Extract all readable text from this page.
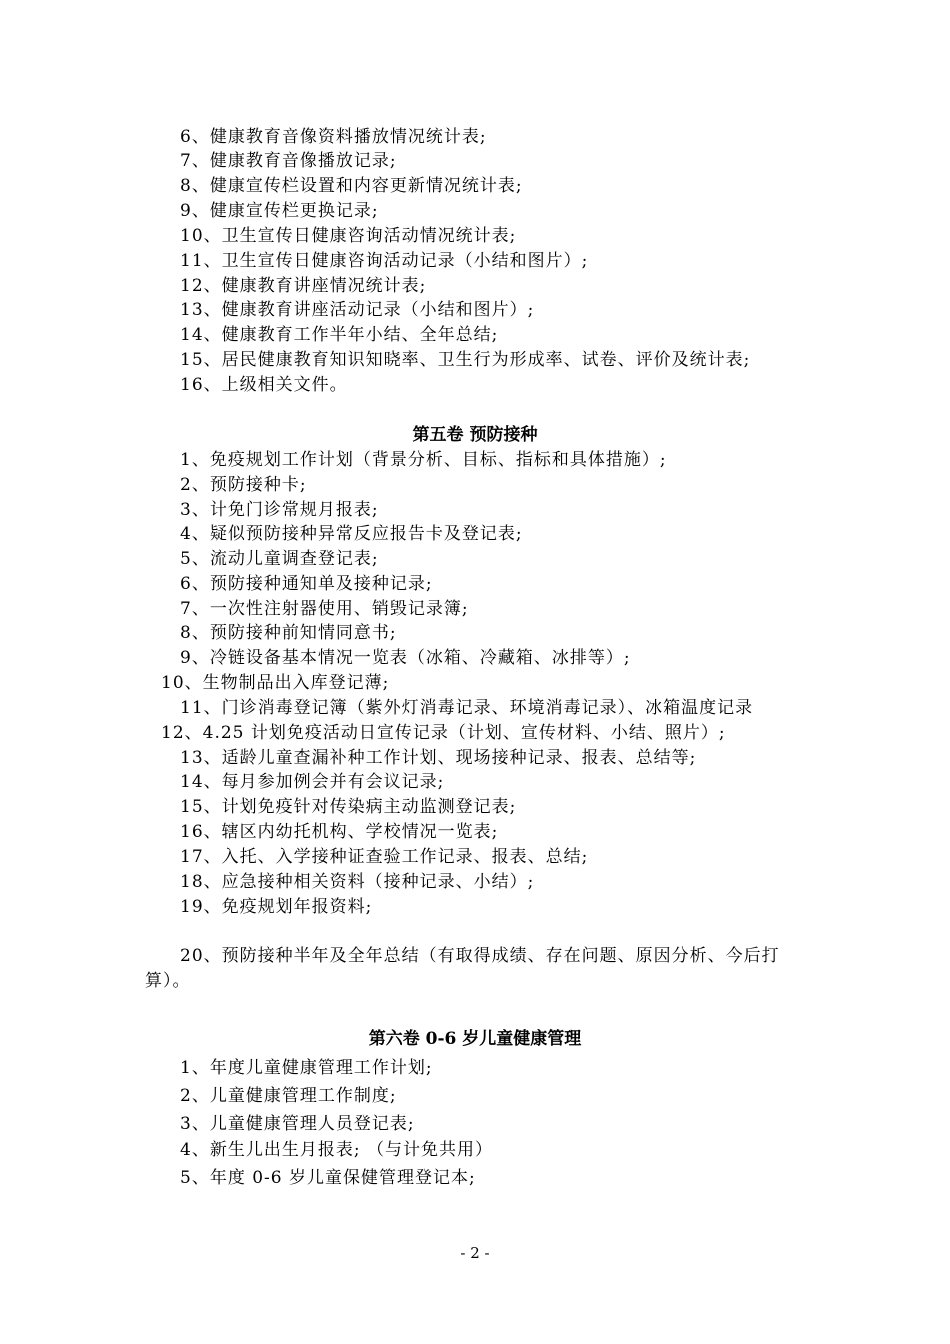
6、健康教育音像资料播放情况统计表;
7、健康教育音像播放记录;
8、健康宣传栏设置和内容更新情况统计表;
9、健康宣传栏更换记录;
10、卫生宣传日健康咨询活动情况统计表;
11、卫生宣传日健康咨询活动记录（小结和图片）;
12、健康教育讲座情况统计表;
13、健康教育讲座活动记录（小结和图片）;
14、健康教育工作半年小结、全年总结;
15、居民健康教育知识知晓率、卫生行为形成率、试卷、评价及统计表;
16、上级相关文件。
第五卷 预防接种
1、免疫规划工作计划（背景分析、目标、指标和具体措施）;
2、预防接种卡;
3、计免门诊常规月报表;
4、疑似预防接种异常反应报告卡及登记表;
5、流动儿童调查登记表;
6、预防接种通知单及接种记录;
7、一次性注射器使用、销毁记录簿;
8、预防接种前知情同意书;
9、冷链设备基本情况一览表（冰箱、冷藏箱、冰排等）;
10、生物制品出入库登记薄;
11、门诊消毒登记簿（紫外灯消毒记录、环境消毒记录）、冰箱温度记录
12、4.25 计划免疫活动日宣传记录（计划、宣传材料、小结、照片）;
13、适龄儿童查漏补种工作计划、现场接种记录、报表、总结等;
14、每月参加例会并有会议记录;
15、计划免疫针对传染病主动监测登记表;
16、辖区内幼托机构、学校情况一览表;
17、入托、入学接种证查验工作记录、报表、总结;
18、应急接种相关资料（接种记录、小结）;
19、免疫规划年报资料;
20、预防接种半年及全年总结（有取得成绩、存在问题、原因分析、今后打算）。
第六卷 0-6 岁儿童健康管理
1、年度儿童健康管理工作计划;
2、儿童健康管理工作制度;
3、儿童健康管理人员登记表;
4、新生儿出生月报表; （与计免共用）
5、年度 0-6 岁儿童保健管理登记本;
- 2 -
